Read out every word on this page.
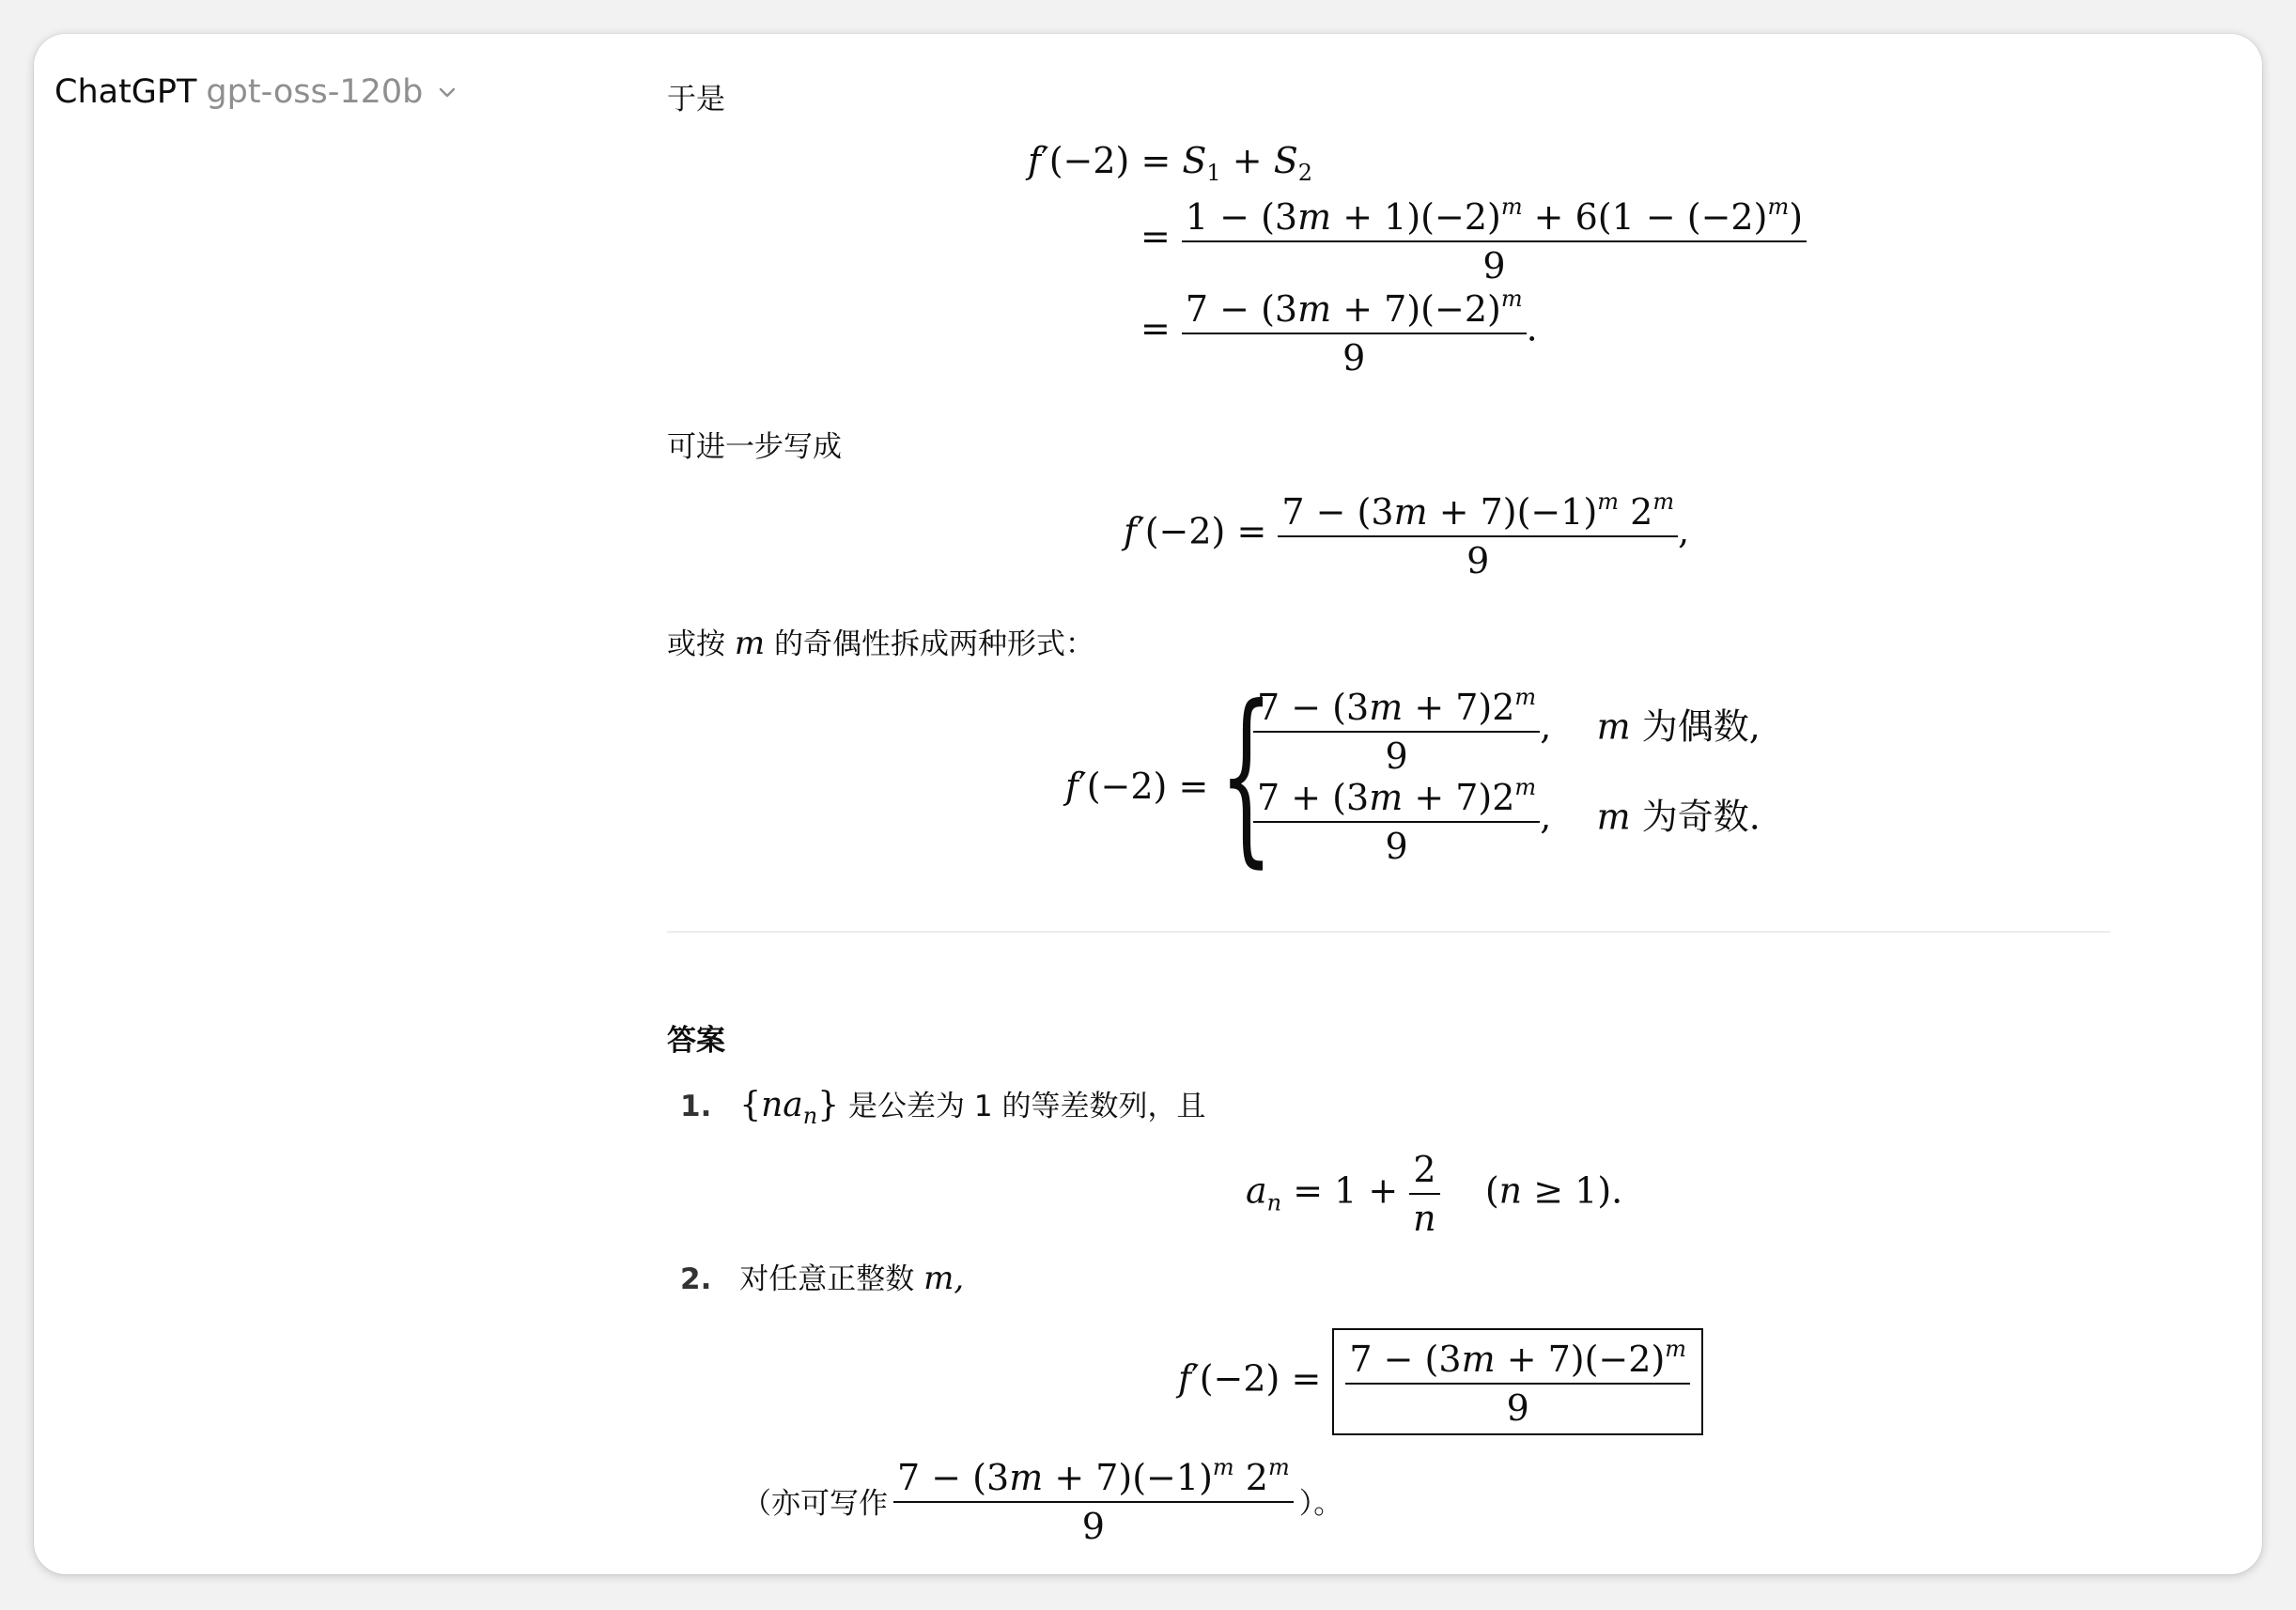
ChatGPT gpt-oss-120b	于是
$f'(-2) = S_1 + S_2$
= $\frac{1 - (3m + 1)(-2)^m + 6(1 - (-2)^m)}{9}$
= $\frac{7 - (3m + 7)(-2)^m}{9}$ .
可进一步写成
$f'(-2) = \frac{7 - (3m + 7)(-1)^m 2^m}{9}$ ,
或按 m 的奇偶性拆成两种形式：
f′(−2) = {
$\frac{7 - (3m + 7)2^m}{9}$ ,    m 为偶数,
$\frac{7 + (3m + 7)2^m}{9}$ ,    m 为奇数.
答案
1. $\{na_n\}$ 是公差为 1 的等差数列，且
$a_n = 1 + \frac{2}{n} (n \ge 1)$.
2. 对任意正整数 m,
$f'(-2) = \frac{7 - (3m + 7)(-2)^m}{9}$
（亦可写作 $\frac{7 - (3m + 7)(-1)^m 2^m}{9}$ ）。
